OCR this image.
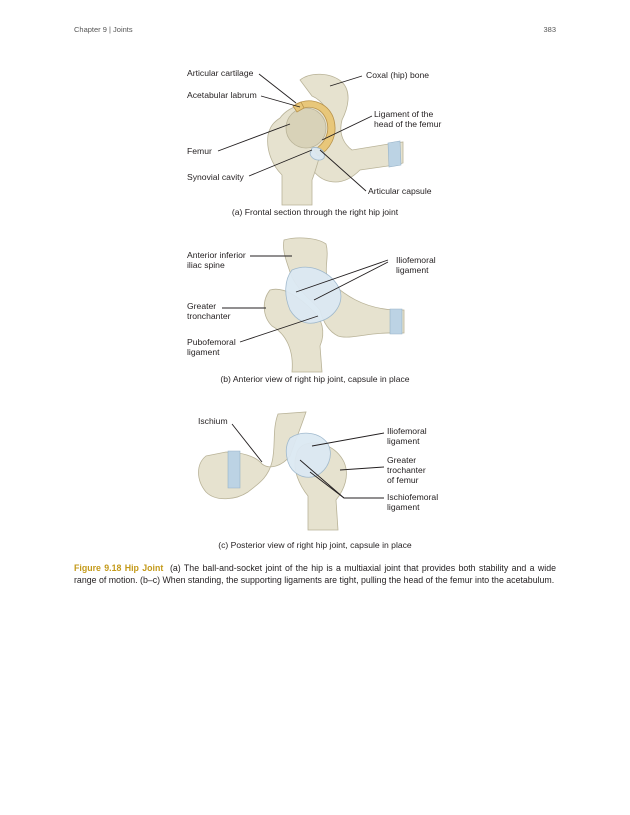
Chapter 9 | Joints	383
Articular cartilage
Acetabular labrum
Femur
Synovial cavity
Coxal (hip) bone
Ligament of the
head of the femur
Articular capsule
(a) Frontal section through the right hip joint
Anterior inferior
iliac spine
Greater
tronchanter
Pubofemoral
ligament
Iliofemoral
ligament
(b) Anterior view of right hip joint, capsule in place
Ischium
Iliofemoral
ligament
Greater
trochanter
of femur
Ischiofemoral
ligament
(c) Posterior view of right hip joint, capsule in place
Figure 9.18 Hip Joint (a) The ball-and-socket joint of the hip is a multiaxial joint that provides both stability and a wide range of motion. (b–c) When standing, the supporting ligaments are tight, pulling the head of the femur into the acetabulum.
